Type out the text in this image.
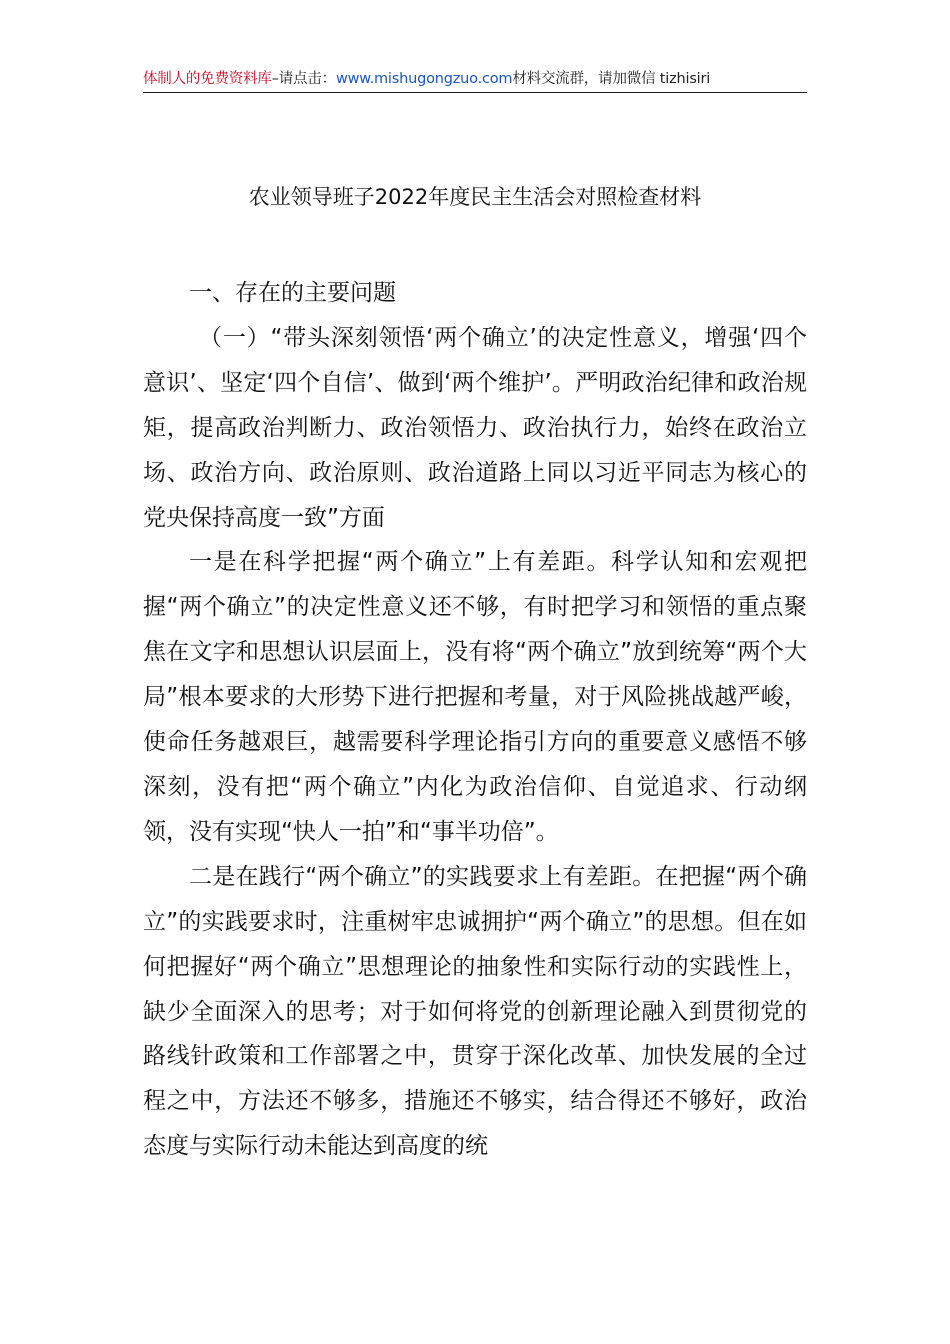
体制人的免费资料库–请点击：www.mishugongzuo.com材料交流群，请加微信 tizhisiri
农业领导班子2022年度民主生活会对照检查材料

一、存在的主要问题

（一）“带头深刻领悟‘两个确立’的决定性意义，增强‘四个意识’、坚定‘四个自信’、做到‘两个维护’。严明政治纪律和政治规矩，提高政治判断力、政治领悟力、政治执行力，始终在政治立场、政治方向、政治原则、政治道路上同以习近平同志为核心的党央保持高度一致”方面

一是在科学把握“两个确立”上有差距。科学认知和宏观把握“两个确立”的决定性意义还不够，有时把学习和领悟的重点聚焦在文字和思想认识层面上，没有将“两个确立”放到统筹“两个大局”根本要求的大形势下进行把握和考量，对于风险挑战越严峻，使命任务越艰巨，越需要科学理论指引方向的重要意义感悟不够深刻，没有把“两个确立”内化为政治信仰、自觉追求、行动纲领，没有实现“快人一拍”和“事半功倍”。

二是在践行“两个确立”的实践要求上有差距。在把握“两个确立”的实践要求时，注重树牢忠诚拥护“两个确立”的思想。但在如何把握好“两个确立”思想理论的抽象性和实际行动的实践性上，缺少全面深入的思考；对于如何将党的创新理论融入到贯彻党的路线针政策和工作部署之中，贯穿于深化改革、加快发展的全过程之中，方法还不够多，措施还不够实，结合得还不够好，政治态度与实际行动未能达到高度的统
